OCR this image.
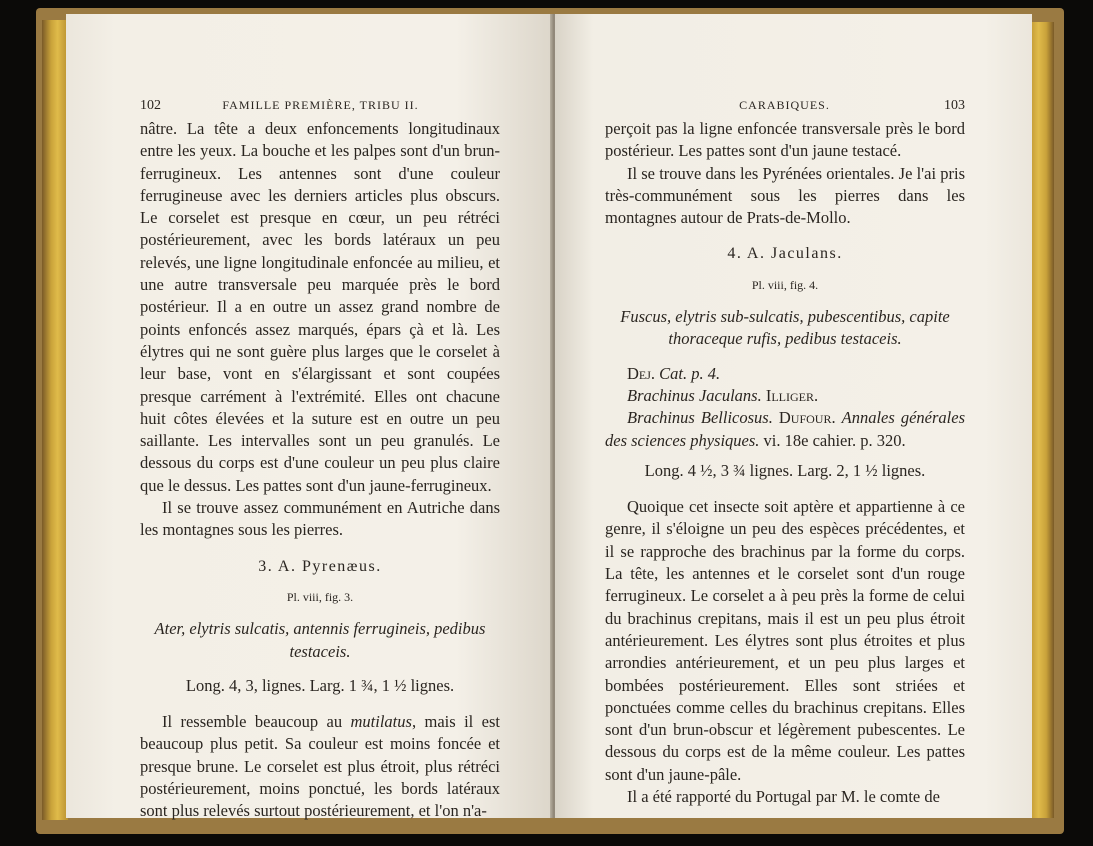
102	FAMILLE PREMIÈRE, TRIBU II.

nâtre. La tête a deux enfoncements longitudinaux entre les yeux. La bouche et les palpes sont d'un brun-ferrugineux. Les antennes sont d'une couleur ferrugineuse avec les derniers articles plus obscurs. Le corselet est presque en cœur, un peu rétréci postérieurement, avec les bords latéraux un peu relevés, une ligne longitudinale enfoncée au milieu, et une autre transversale peu marquée près le bord postérieur. Il a en outre un assez grand nombre de points enfoncés assez marqués, épars çà et là. Les élytres qui ne sont guère plus larges que le corselet à leur base, vont en s'élargissant et sont coupées presque carrément à l'extrémité. Elles ont chacune huit côtes élevées et la suture est en outre un peu saillante. Les intervalles sont un peu granulés. Le dessous du corps est d'une couleur un peu plus claire que le dessus. Les pattes sont d'un jaune-ferrugineux.

Il se trouve assez communément en Autriche dans les montagnes sous les pierres.

3. A. Pyrenæus.
Pl. viii, fig. 3.
Ater, elytris sulcatis, antennis ferrugineis, pedibus testaceis.
Long. 4, 3, lignes. Larg. 1 ¾, 1 ½ lignes.

Il ressemble beaucoup au mutilatus, mais il est beaucoup plus petit. Sa couleur est moins foncée et presque brune. Le corselet est plus étroit, plus rétréci postérieurement, moins ponctué, les bords latéraux sont plus relevés surtout postérieurement, et l'on n'a-

CARABIQUES.	103

perçoit pas la ligne enfoncée transversale près le bord postérieur. Les pattes sont d'un jaune testacé.

Il se trouve dans les Pyrénées orientales. Je l'ai pris très-communément sous les pierres dans les montagnes autour de Prats-de-Mollo.

4. A. Jaculans.
Pl. viii, fig. 4.
Fuscus, elytris sub-sulcatis, pubescentibus, capite thoraceque rufis, pedibus testaceis.

Dej. Cat. p. 4.

Brachinus Jaculans. Illiger.

Brachinus Bellicosus. Dufour. Annales générales des sciences physiques. vi. 18e cahier. p. 320.

Long. 4 ½, 3 ¾ lignes. Larg. 2, 1 ½ lignes.

Quoique cet insecte soit aptère et appartienne à ce genre, il s'éloigne un peu des espèces précédentes, et il se rapproche des brachinus par la forme du corps. La tête, les antennes et le corselet sont d'un rouge ferrugineux. Le corselet a à peu près la forme de celui du brachinus crepitans, mais il est un peu plus étroit antérieurement. Les élytres sont plus étroites et plus arrondies antérieurement, et un peu plus larges et bombées postérieurement. Elles sont striées et ponctuées comme celles du brachinus crepitans. Elles sont d'un brun-obscur et légèrement pubescentes. Le dessous du corps est de la même couleur. Les pattes sont d'un jaune-pâle.

Il a été rapporté du Portugal par M. le comte de
